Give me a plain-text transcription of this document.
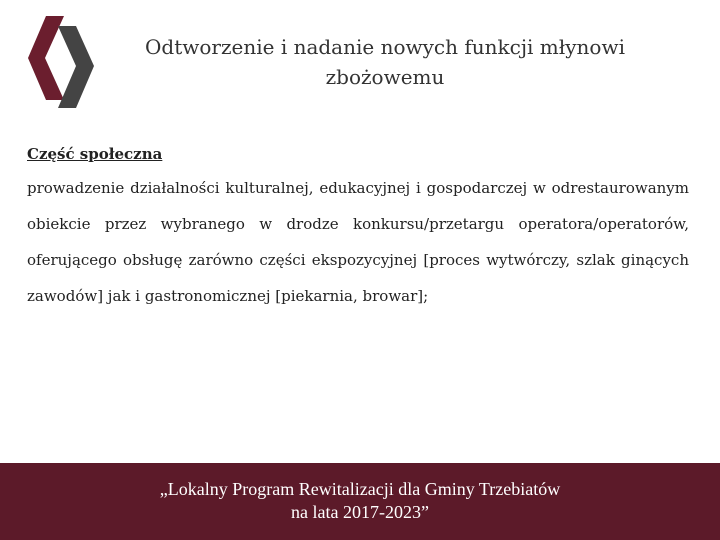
Odtworzenie i nadanie nowych funkcji młynowi
zbożowemu
Część społeczna
prowadzenie działalności kulturalnej, edukacyjnej i gospodarczej w odrestaurowanym obiekcie przez wybranego w drodze konkursu/przetargu operatora/operatorów, oferującego obsługę zarówno części ekspozycyjnej [proces wytwórczy, szlak ginących zawodów] jak i gastronomicznej [piekarnia, browar];
„Lokalny Program Rewitalizacji dla Gminy Trzebiatów
na lata 2017-2023”
